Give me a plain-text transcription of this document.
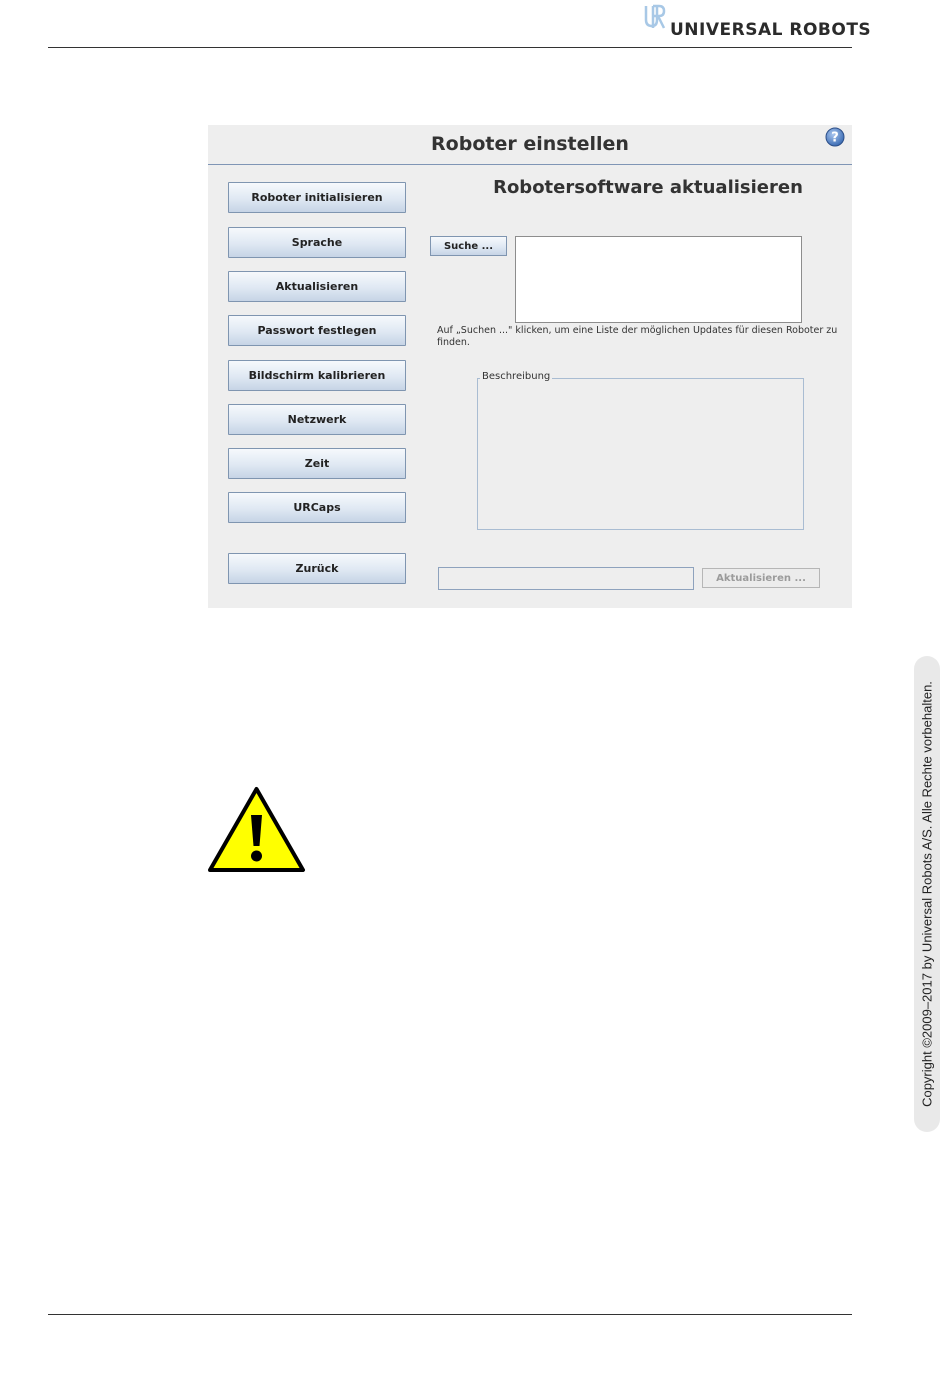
UNIVERSAL ROBOTS
Roboter einstellen	?
Roboter initialisieren
Sprache
Aktualisieren
Passwort festlegen
Bildschirm kalibrieren
Netzwerk
Zeit
URCaps
Zurück
Robotersoftware aktualisieren
Suche ...
Auf „Suchen ..." klicken, um eine Liste der möglichen Updates für diesen Roboter zu finden.
Beschreibung
Aktualisieren ...
Copyright ©2009–2017 by Universal Robots A/S. Alle Rechte vorbehalten.
